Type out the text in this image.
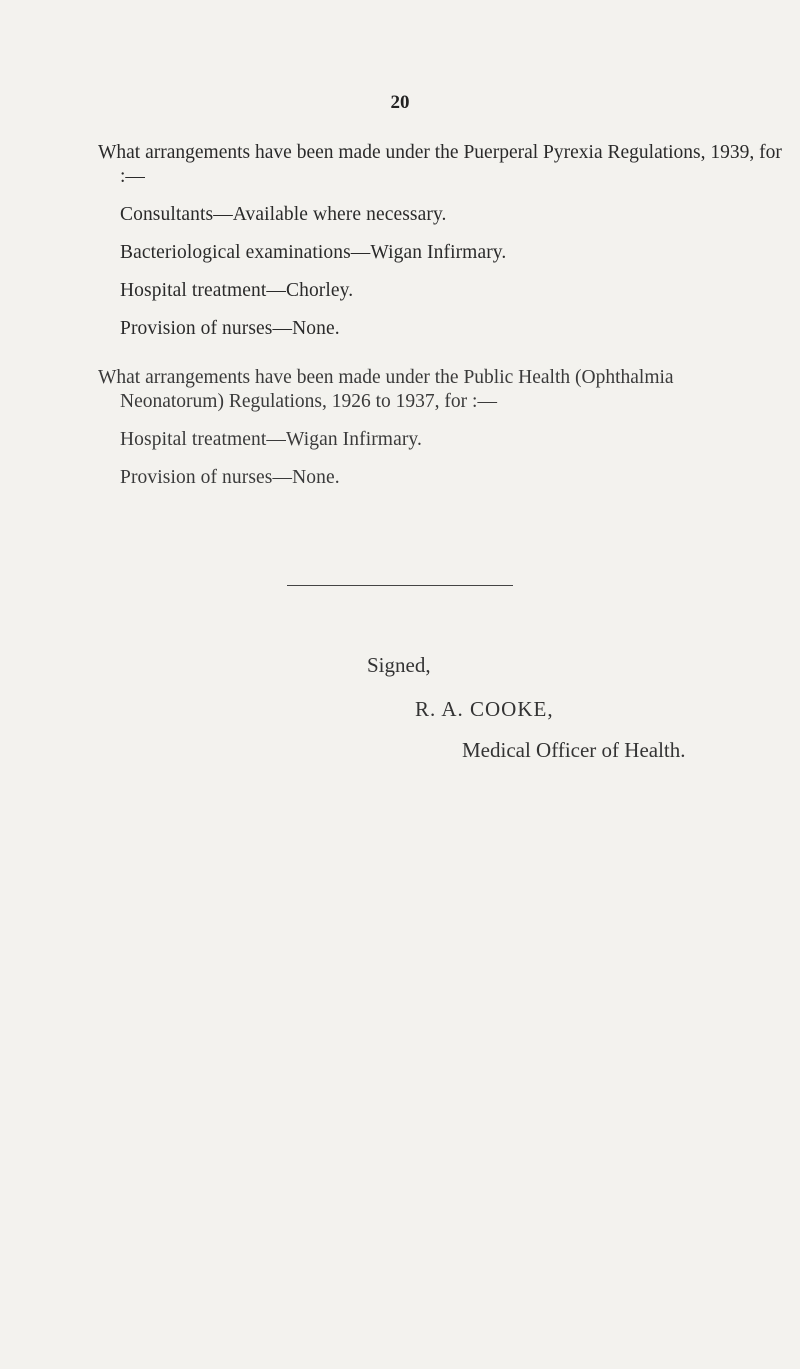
20
What arrangements have been made under the Puerperal Pyrexia Regulations, 1939, for :—
Consultants—Available where necessary.
Bacteriological examinations—Wigan Infirmary.
Hospital treatment—Chorley.
Provision of nurses—None.
What arrangements have been made under the Public Health (Ophthalmia Neonatorum) Regulations, 1926 to 1937, for :—
Hospital treatment—Wigan Infirmary.
Provision of nurses—None.
Signed,
R. A. COOKE,
Medical Officer of Health.
